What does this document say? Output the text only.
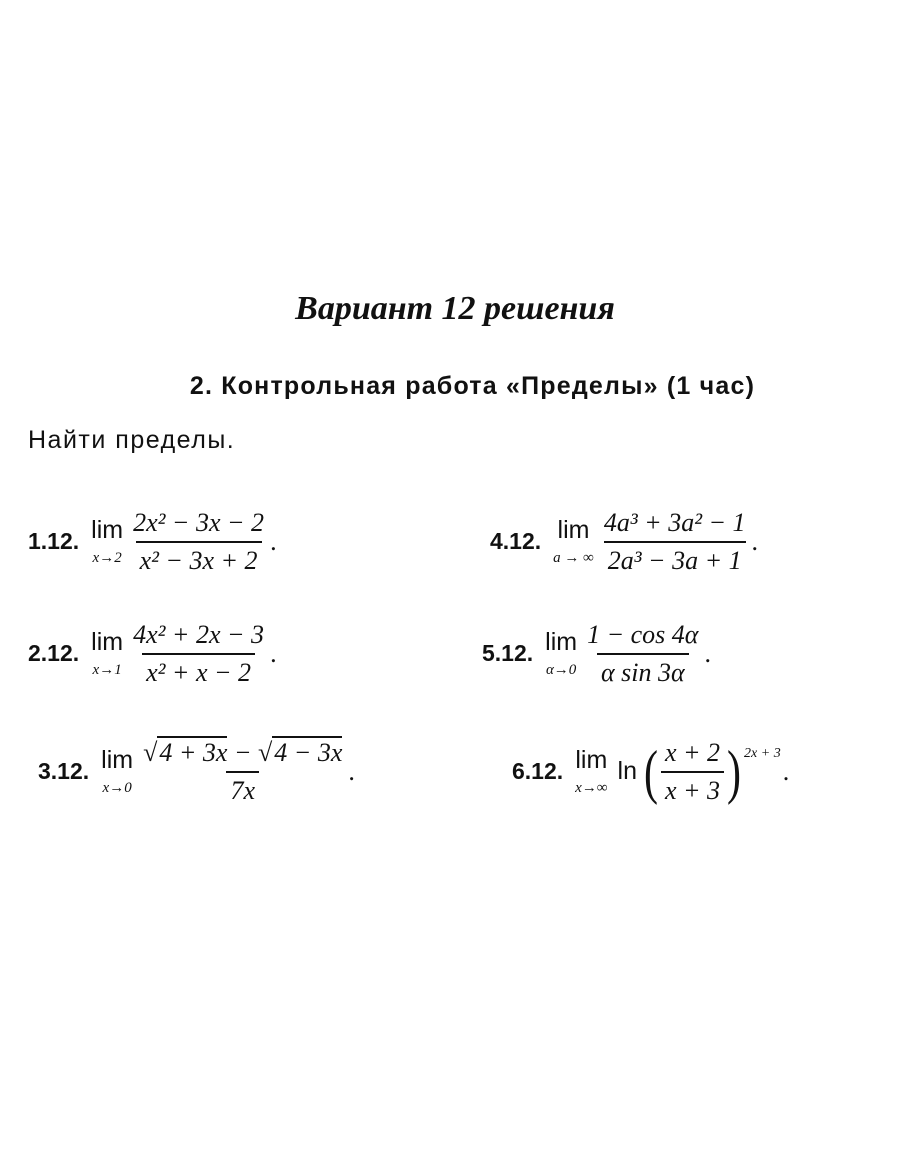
Вариант 12 решения
2. Контрольная работа «Пределы» (1 час)
Найти пределы.
1.12. lim
$x\to 2 \frac{\text{2x² − 3x − 2}}{\text{x² − 3x + 2}}$ .	4.12. lim
a → ∞ $\frac{\text{4a³ + 3a² − 1}}{\text{2a³ − 3a + 1}}$ .
2.12. lim
$x\to 1 \frac{\text{4x² + 2x − 3}}{\text{x² + x − 2}}$ .	5.12. lim
$\alpha\to 0 \frac{1 - \cos 4\alpha}{\text{α sin 3α}}$ .
3.12. lim
$x\to 0 \frac{√4 + 3x - √4 - 3x}{7x}$ .	6.12. lim
x→∞
ln ( $\frac{x + 2}{x + 3}$ ) 2x + 3
.
